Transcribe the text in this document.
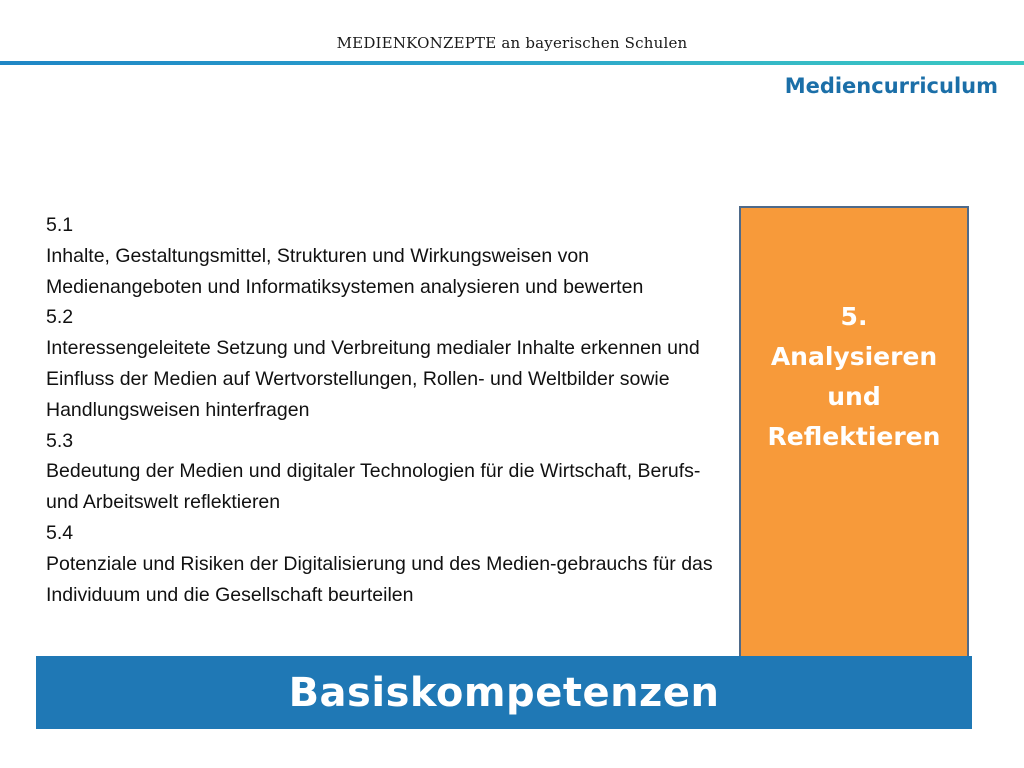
MEDIENKONZEPTE an bayerischen Schulen
Mediencurriculum
5.1
Inhalte, Gestaltungsmittel, Strukturen und Wirkungsweisen von Medienangeboten und Informatiksystemen analysieren und bewerten
5.2
Interessengeleitete Setzung und Verbreitung medialer Inhalte erkennen und Einfluss der Medien auf Wertvorstellungen, Rollen- und Weltbilder sowie Handlungsweisen hinterfragen
5.3
Bedeutung der Medien und digitaler Technologien für die Wirtschaft, Berufs- und Arbeitswelt reflektieren
5.4
Potenziale und Risiken der Digitalisierung und des Medien-gebrauchs für das Individuum und die Gesellschaft beurteilen
5.
Analysieren
und
Reflektieren
Basiskompetenzen
